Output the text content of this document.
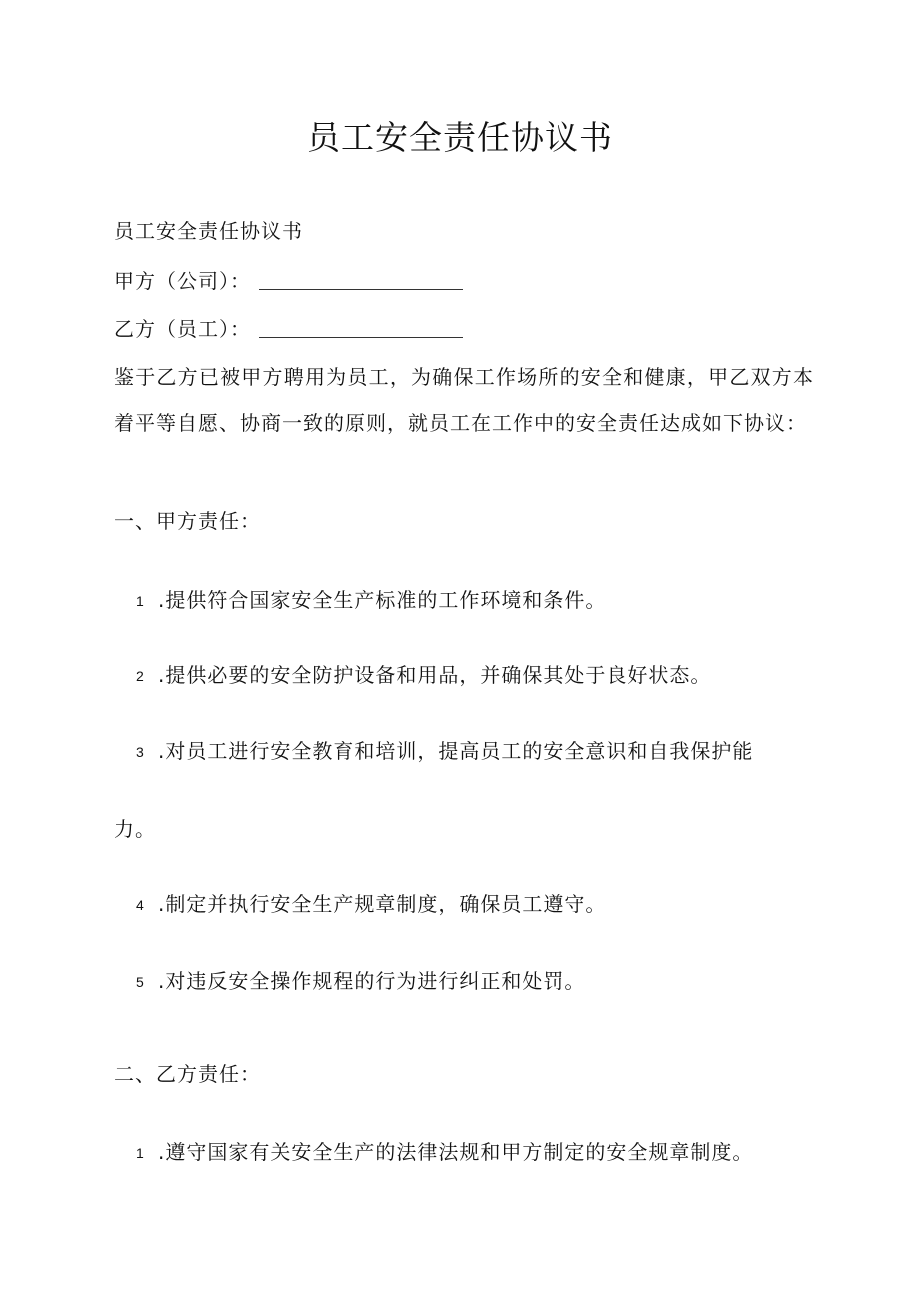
员工安全责任协议书
员工安全责任协议书
甲方（公司）：
乙方（员工）：
鉴于乙方已被甲方聘用为员工，为确保工作场所的安全和健康，甲乙双方本着平等自愿、协商一致的原则，就员工在工作中的安全责任达成如下协议：
一、甲方责任：
1 .提供符合国家安全生产标准的工作环境和条件。
2 .提供必要的安全防护设备和用品，并确保其处于良好状态。
3 .对员工进行安全教育和培训，提高员工的安全意识和自我保护能
力。
4 .制定并执行安全生产规章制度，确保员工遵守。
5 .对违反安全操作规程的行为进行纠正和处罚。
二、乙方责任：
1 .遵守国家有关安全生产的法律法规和甲方制定的安全规章制度。
